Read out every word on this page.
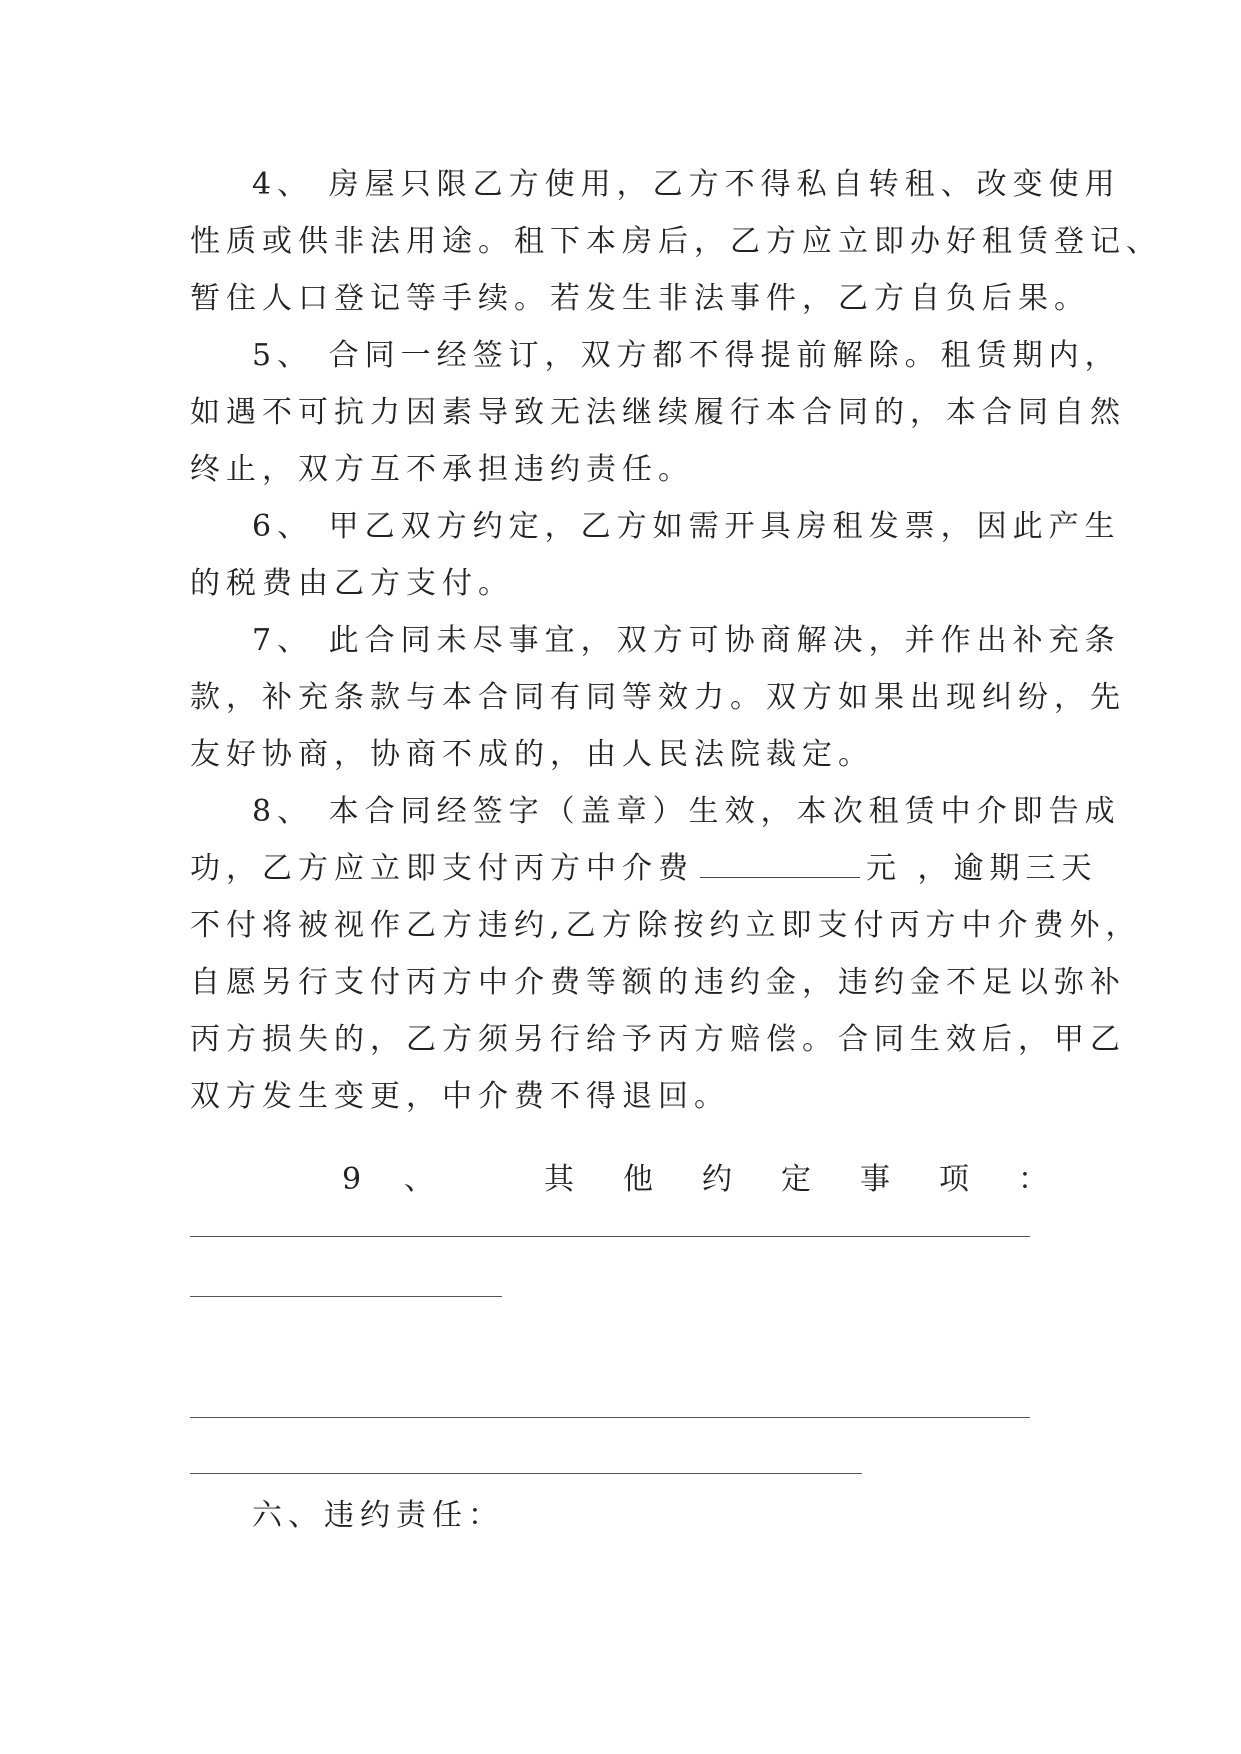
4、 房屋只限乙方使用，乙方不得私自转租、改变使用
性质或供非法用途。租下本房后，乙方应立即办好租赁登记、
暂住人口登记等手续。若发生非法事件，乙方自负后果。
5、 合同一经签订，双方都不得提前解除。租赁期内，
如遇不可抗力因素导致无法继续履行本合同的，本合同自然
终止，双方互不承担违约责任。
6、 甲乙双方约定，乙方如需开具房租发票，因此产生
的税费由乙方支付。
7、 此合同未尽事宜，双方可协商解决，并作出补充条
款，补充条款与本合同有同等效力。双方如果出现纠纷，先
友好协商，协商不成的，由人民法院裁定。
8、 本合同经签字（盖章）生效，本次租赁中介即告成
功，乙方应立即支付丙方中介费	元 ，逾期三天
不付将被视作乙方违约,乙方除按约立即支付丙方中介费外，
自愿另行支付丙方中介费等额的违约金，违约金不足以弥补
丙方损失的，乙方须另行给予丙方赔偿。合同生效后，甲乙
双方发生变更，中介费不得退回。
9 、	其 他 约 定 事 项 ：
六、违约责任：
